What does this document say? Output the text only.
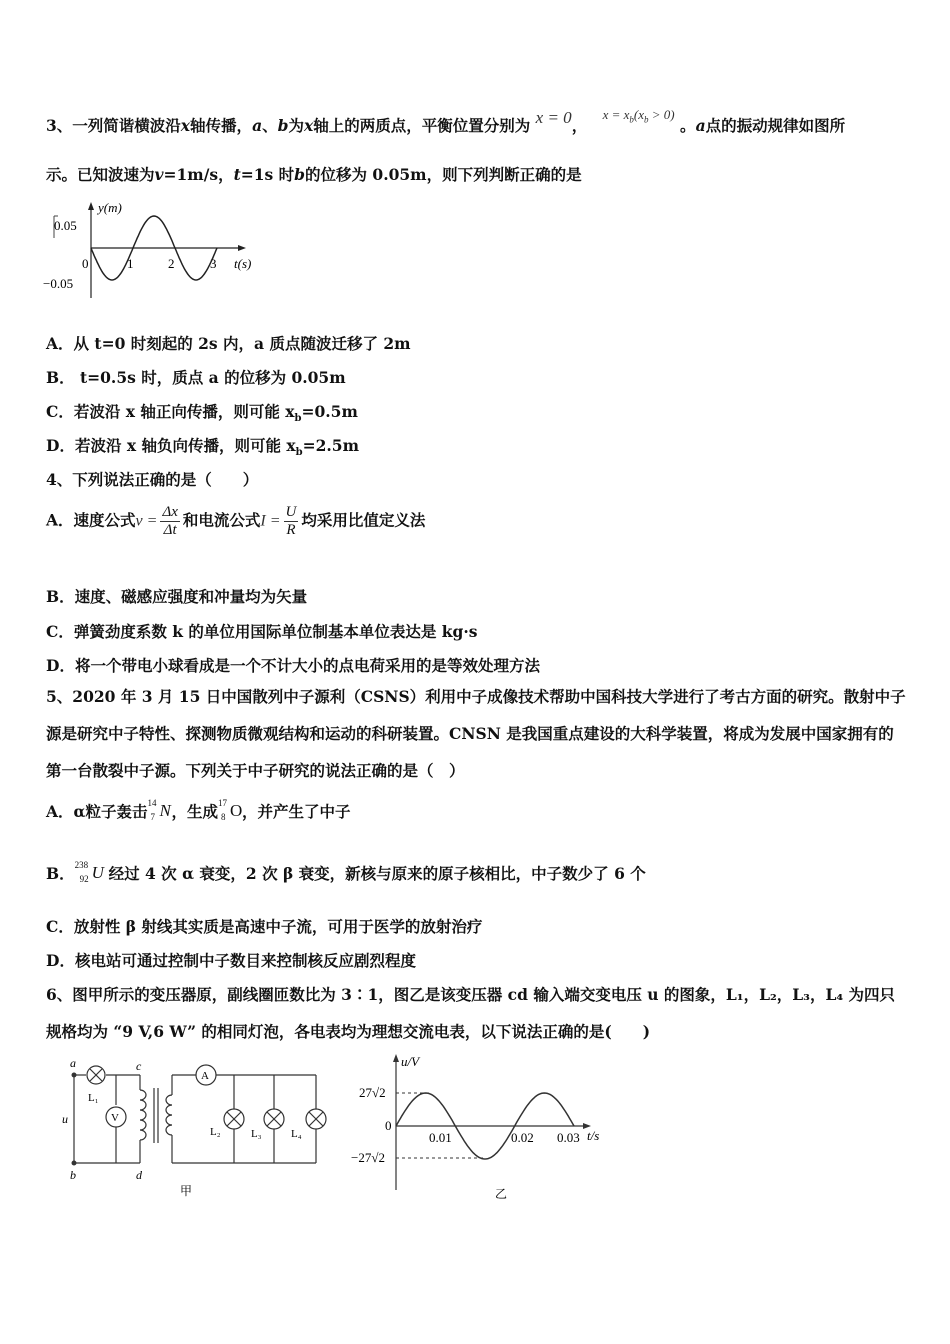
3、一列简谐横波沿x轴传播，a、b为x轴上的两质点，平衡位置分别为 x = 0， $^{x = x_b(x_b > 0)}$ 。a点的振动规律如图所
示。已知波速为v=1m/s，t=1s 时b的位移为 0.05m，则下列判断正确的是
y(m)
0.05
−0.05
0	1	2	3 t(s)
A．从 t=0 时刻起的 2s 内，a 质点随波迁移了 2m
B． t=0.5s 时，质点 a 的位移为 0.05m
C．若波沿 x 轴正向传播，则可能 $x_b=0.5m$
D．若波沿 x 轴负向传播，则可能 $x_b=2.5m$
4、下列说法正确的是（　　）
A．速度公式$v = \frac{\Delta x}{\Delta t}$ 和电流公式$I = \frac{U}{R}$ 均采用比值定义法
B．速度、磁感应强度和冲量均为矢量
C．弹簧劲度系数 k 的单位用国际单位制基本单位表达是 kg·s
D．将一个带电小球看成是一个不计大小的点电荷采用的是等效处理方法
5、2020 年 3 月 15 日中国散列中子源利（CSNS）利用中子成像技术帮助中国科技大学进行了考古方面的研究。散射中子源是研究中子特性、探测物质微观结构和运动的科研装置。CNSN 是我国重点建设的大科学装置，将成为发展中国家拥有的第一台散裂中子源。下列关于中子研究的说法正确的是（　）
A．α粒子轰击 14
7 N ，生成 17
8 O ，并产生了中子
B． 238
92 U 经过 4 次 α 衰变，2 次 β 衰变，新核与原来的原子核相比，中子数少了 6 个
C．放射性 β 射线其实质是高速中子流，可用于医学的放射治疗
D．核电站可通过控制中子数目来控制核反应剧烈程度
6、图甲所示的变压器原，副线圈匝数比为 3∶1，图乙是该变压器 cd 输入端交变电压 u 的图象，L₁，L₂，L₃，L₄ 为四只规格均为 “9 V,6 W” 的相同灯泡，各电表均为理想交流电表，以下说法正确的是(　　)
a
b
c
d
u
L₁
V
A
L₂	L₃	L₄
甲
u/V
27√2
−27√2
0
0.01	0.02 0.03 t/s
乙
